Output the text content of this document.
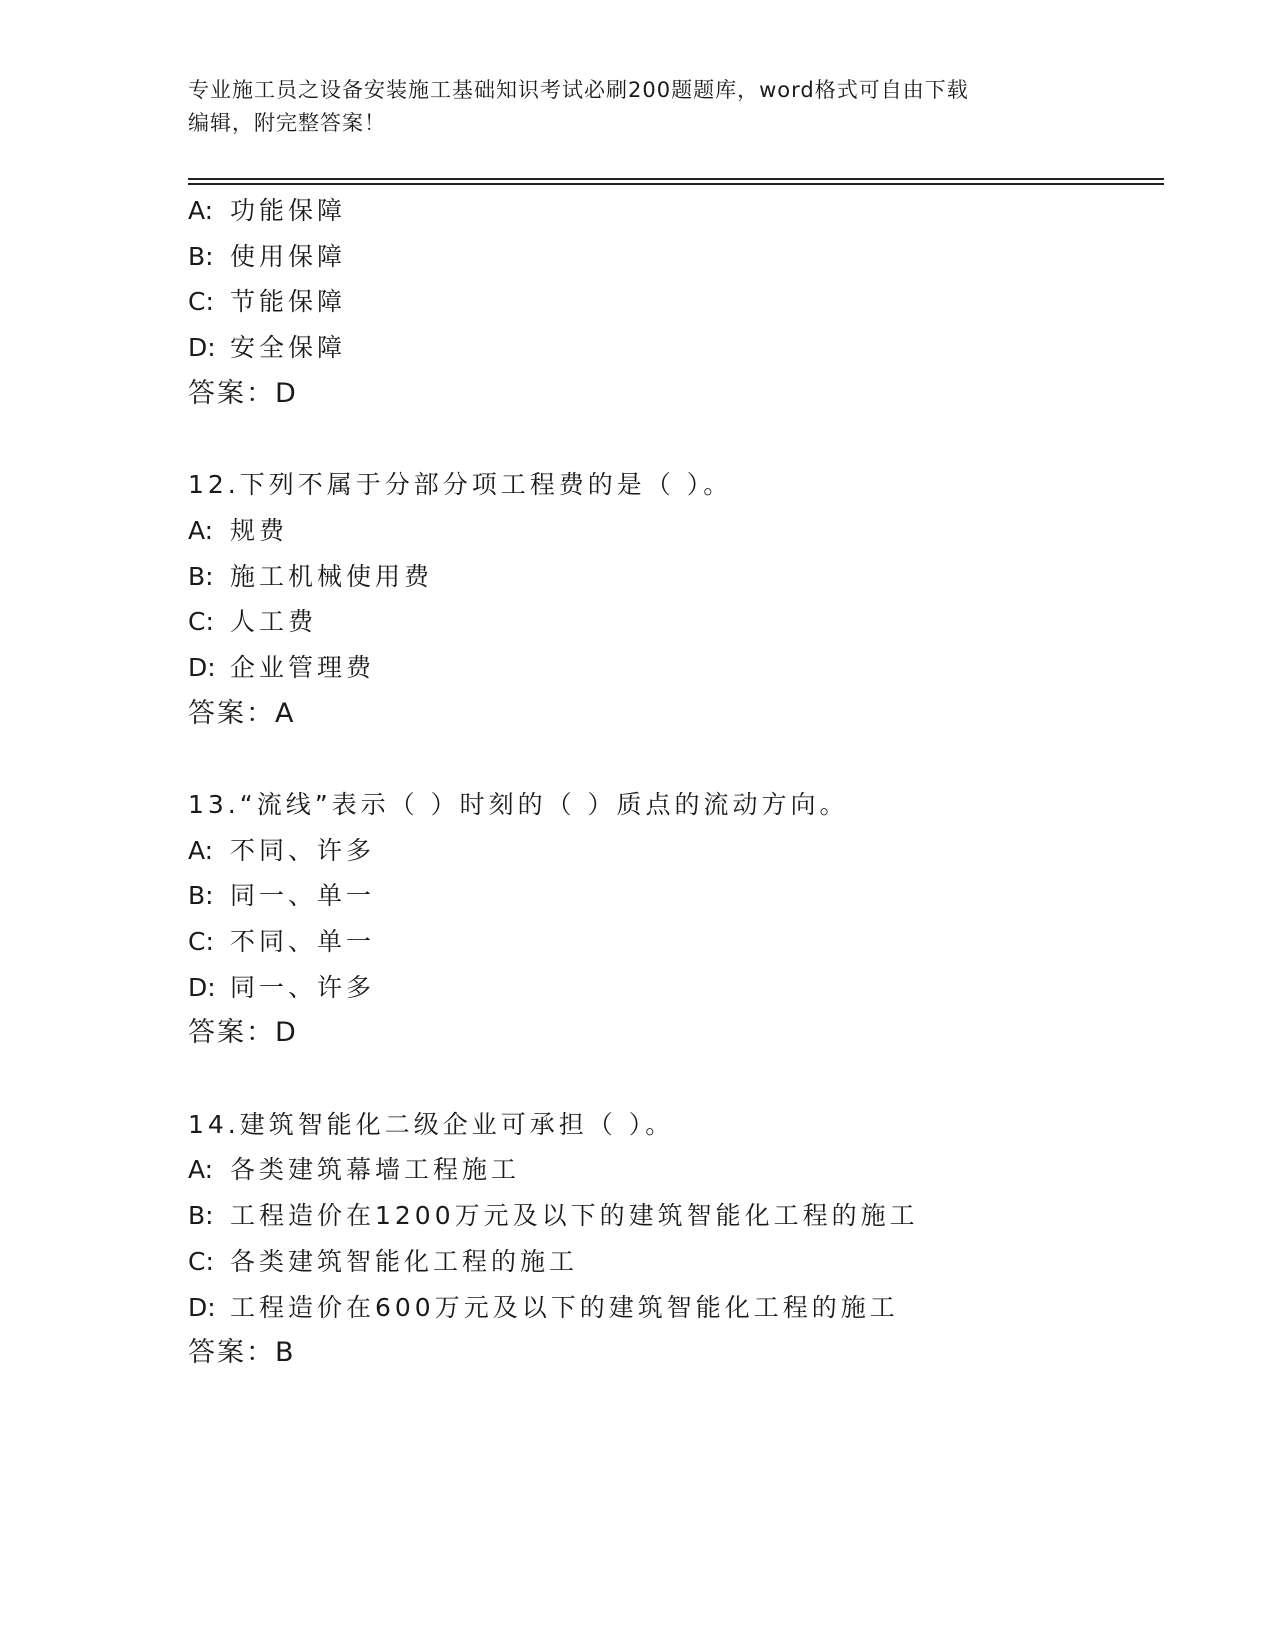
专业施工员之设备安装施工基础知识考试必刷200题题库，word格式可自由下载
编辑，附完整答案！
A: 功能保障
B: 使用保障
C: 节能保障
D: 安全保障
答案：D
12.下列不属于分部分项工程费的是（ ）。
A: 规费
B: 施工机械使用费
C: 人工费
D: 企业管理费
答案：A
13.“流线”表示（ ）时刻的（ ）质点的流动方向。
A: 不同、许多
B: 同一、单一
C: 不同、单一
D: 同一、许多
答案：D
14.建筑智能化二级企业可承担（ ）。
A: 各类建筑幕墙工程施工
B: 工程造价在1200万元及以下的建筑智能化工程的施工
C: 各类建筑智能化工程的施工
D: 工程造价在600万元及以下的建筑智能化工程的施工
答案：B
